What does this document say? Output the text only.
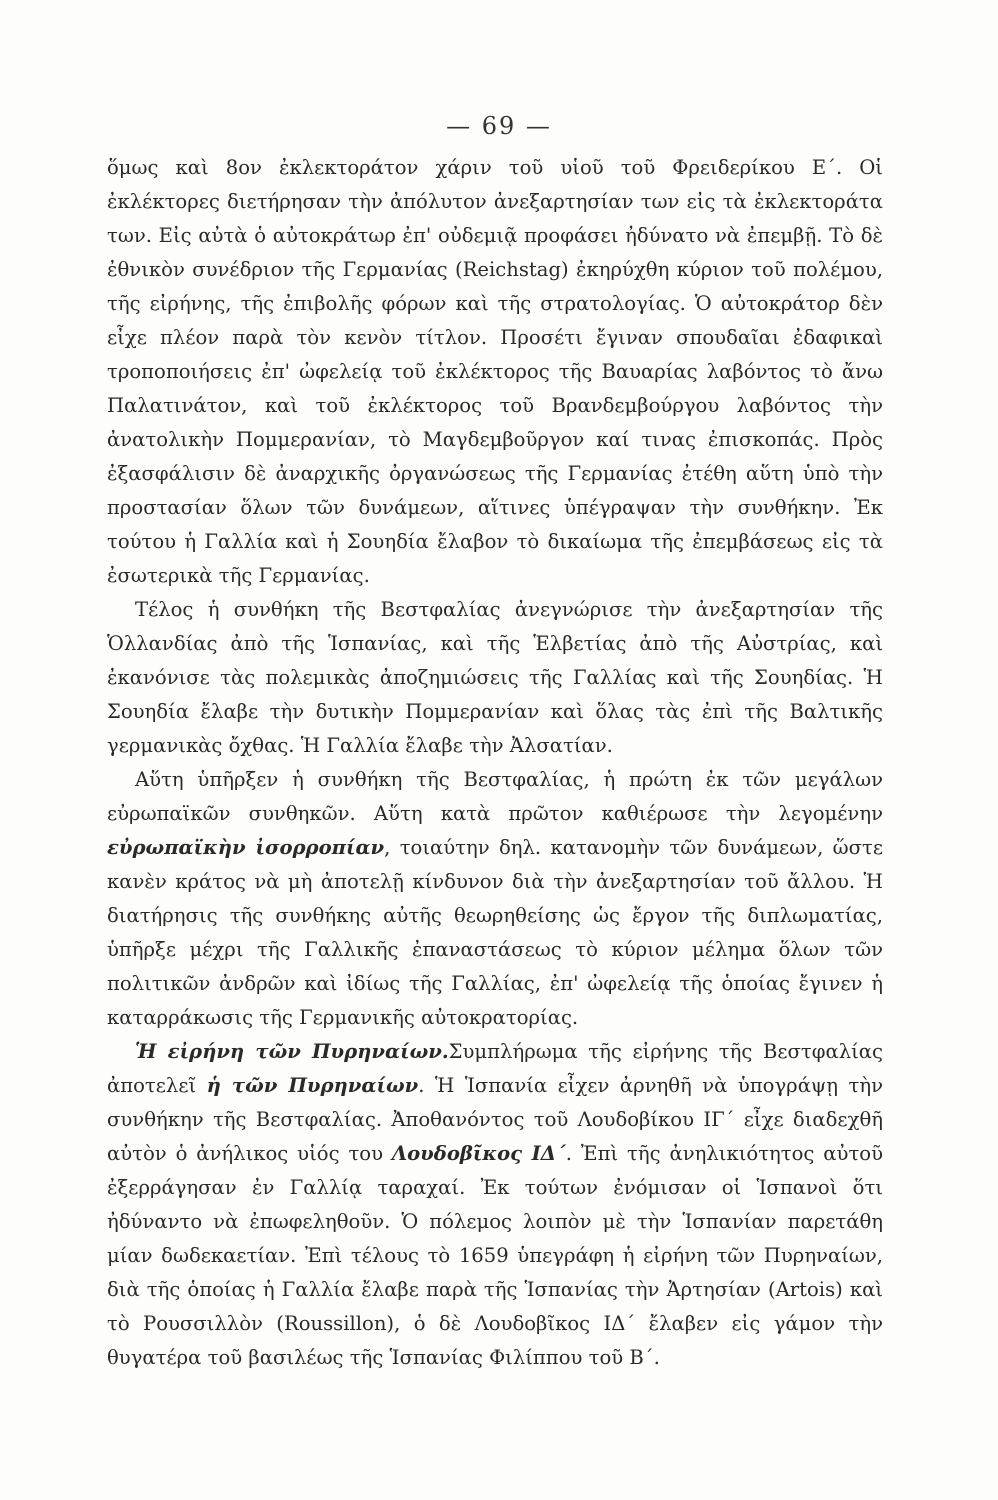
— 69 —

ὅμως καὶ 8ον ἐκλεκτοράτον χάριν τοῦ υἱοῦ τοῦ Φρειδερίκου Ε΄. Οἱ ἐκλέκτορες διετήρησαν τὴν ἀπόλυτον ἀνεξαρτησίαν των εἰς τὰ ἐκλεκτοράτα των. Εἰς αὐτὰ ὁ αὐτοκράτωρ ἐπ' οὐδεμιᾷ προφάσει ἠδύνατο νὰ ἐπεμβῇ. Τὸ δὲ ἐθνικὸν συνέδριον τῆς Γερμανίας (Reichstag) ἐκηρύχθη κύριον τοῦ πολέμου, τῆς εἰρήνης, τῆς ἐπιβολῆς φόρων καὶ τῆς στρατολογίας. Ὁ αὐτοκράτορ δὲν εἶχε πλέον παρὰ τὸν κενὸν τίτλον. Προσέτι ἔγιναν σπουδαῖαι ἐδαφικαὶ τροποποιήσεις ἐπ' ὠφελείᾳ τοῦ ἐκλέκτορος τῆς Βαυαρίας λαβόντος τὸ ἄνω Παλατινάτον, καὶ τοῦ ἐκλέκτορος τοῦ Βρανδεμβούργου λαβόντος τὴν ἀνατολικὴν Πομμερανίαν, τὸ Μαγδεμβοῦργον καί τινας ἐπισκοπάς. Πρὸς ἐξασφάλισιν δὲ ἀναρχικῆς ὀργανώσεως τῆς Γερμανίας ἐτέθη αὕτη ὑπὸ τὴν προστασίαν ὅλων τῶν δυνάμεων, αἵτινες ὑπέγραψαν τὴν συνθήκην. Ἐκ τούτου ἡ Γαλλία καὶ ἡ Σουηδία ἔλαβον τὸ δικαίωμα τῆς ἐπεμβάσεως εἰς τὰ ἐσωτερικὰ τῆς Γερμανίας.

Τέλος ἡ συνθήκη τῆς Βεστφαλίας ἀνεγνώρισε τὴν ἀνεξαρτησίαν τῆς Ὁλλανδίας ἀπὸ τῆς Ἱσπανίας, καὶ τῆς Ἑλβετίας ἀπὸ τῆς Αὐστρίας, καὶ ἐκανόνισε τὰς πολεμικὰς ἀποζημιώσεις τῆς Γαλλίας καὶ τῆς Σουηδίας. Ἡ Σουηδία ἔλαβε τὴν δυτικὴν Πομμερανίαν καὶ ὅλας τὰς ἐπὶ τῆς Βαλτικῆς γερμανικὰς ὄχθας. Ἡ Γαλλία ἔλαβε τὴν Ἀλσατίαν.

Αὕτη ὑπῆρξεν ἡ συνθήκη τῆς Βεστφαλίας, ἡ πρώτη ἐκ τῶν μεγάλων εὐρωπαϊκῶν συνθηκῶν. Αὕτη κατὰ πρῶτον καθιέρωσε τὴν λεγομένην εὐρωπαϊκὴν ἰσορροπίαν, τοιαύτην δηλ. κατανομὴν τῶν δυνάμεων, ὥστε κανὲν κράτος νὰ μὴ ἀποτελῇ κίνδυνον διὰ τὴν ἀνεξαρτησίαν τοῦ ἄλλου. Ἡ διατήρησις τῆς συνθήκης αὐτῆς θεωρηθείσης ὡς ἔργον τῆς διπλωματίας, ὑπῆρξε μέχρι τῆς Γαλλικῆς ἐπαναστάσεως τὸ κύριον μέλημα ὅλων τῶν πολιτικῶν ἀνδρῶν καὶ ἰδίως τῆς Γαλλίας, ἐπ' ὠφελείᾳ τῆς ὁποίας ἔγινεν ἡ καταρράκωσις τῆς Γερμανικῆς αὐτοκρατορίας.

Ἡ εἰρήνη τῶν Πυρηναίων.Συμπλήρωμα τῆς εἰρήνης τῆς Βεστφαλίας ἀποτελεῖ ἡ τῶν Πυρηναίων. Ἡ Ἱσπανία εἶχεν ἀρνηθῆ νὰ ὑπογράψῃ τὴν συνθήκην τῆς Βεστφαλίας. Ἀποθανόντος τοῦ Λουδοβίκου ΙΓ΄ εἶχε διαδεχθῆ αὐτὸν ὁ ἀνήλικος υἱός του Λουδοβῖκος ΙΔ΄. Ἐπὶ τῆς ἀνηλικιότητος αὐτοῦ ἐξερράγησαν ἐν Γαλλίᾳ ταραχαί. Ἐκ τούτων ἐνόμισαν οἱ Ἱσπανοὶ ὅτι ἠδύναντο νὰ ἐπωφεληθοῦν. Ὁ πόλεμος λοιπὸν μὲ τὴν Ἱσπανίαν παρετάθη μίαν δωδεκαετίαν. Ἐπὶ τέλους τὸ 1659 ὑπεγράφη ἡ εἰρήνη τῶν Πυρηναίων, διὰ τῆς ὁποίας ἡ Γαλλία ἔλαβε παρὰ τῆς Ἱσπανίας τὴν Ἀρτησίαν (Artois) καὶ τὸ Ρουσσιλλὸν (Roussillon), ὁ δὲ Λουδοβῖκος ΙΔ΄ ἔλαβεν εἰς γάμον τὴν θυγατέρα τοῦ βασιλέως τῆς Ἱσπανίας Φιλίππου τοῦ Β΄.
